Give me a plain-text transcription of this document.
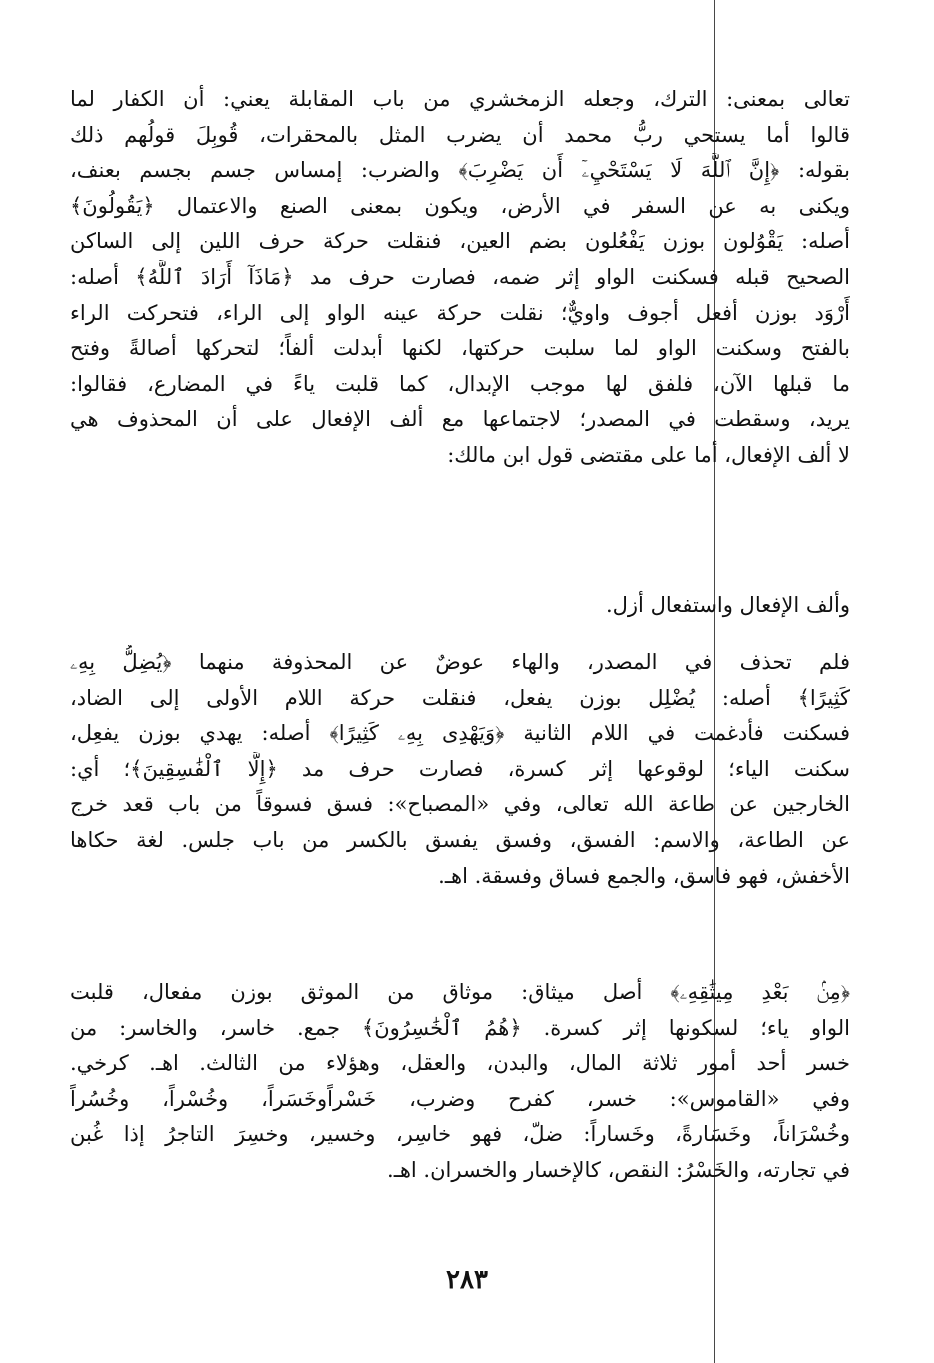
تعالى بمعنى: الترك، وجعله الزمخشري من باب المقابلة يعني: أن الكفار لما
قالوا أما يستحي ربُّ محمد أن يضرب المثل بالمحقرات، قُوبِلَ قولُهم ذلك
بقوله: ﴿إِنَّ ٱللَّهَ لَا يَسْتَحْيِۦٓ أَن يَضْرِبَ﴾ والضرب: إمساس جسم بجسم بعنف،
ويكنى به عن السفر في الأرض، ويكون بمعنى الصنع والاعتمال ﴿يَقُولُونَ﴾
أصله: يَقْوُلون بوزن يَفْعُلون بضم العين، فنقلت حركة حرف اللين إلى الساكن
الصحيح قبله فسكنت الواو إثر ضمه، فصارت حرف مد ﴿مَاذَآ أَرَادَ ٱللَّهُ﴾ أصله:
أَرْوَد بوزن أفعل أجوف واويٌّ؛ نقلت حركة عينه الواو إلى الراء، فتحركت الراء
بالفتح وسكنت الواو لما سلبت حركتها، لكنها أبدلت ألفاً؛ لتحركها أصالةً وفتح
ما قبلها الآن، فلفق لها موجب الإبدال، كما قلبت ياءً في المضارع، فقالوا:
يريد، وسقطت في المصدر؛ لاجتماعها مع ألف الإفعال على أن المحذوف هي
لا ألف الإفعال، أما على مقتضى قول ابن مالك:
وألف الإفعال واستفعال أزل.
فلم تحذف في المصدر، والهاء عوضٌ عن المحذوفة منهما ﴿يُضِلُّ بِهِۦ
كَثِيرًا﴾ أصله: يُضْلِل بوزن يفعل، فنقلت حركة اللام الأولى إلى الضاد،
فسكنت فأدغمت في اللام الثانية ﴿وَيَهْدِى بِهِۦ كَثِيرًا﴾ أصله: يهدي بوزن يفعِل،
سكنت الياء؛ لوقوعها إثر كسرة، فصارت حرف مد ﴿إِلَّا ٱلْفَٰسِقِينَ﴾؛ أي:
الخارجين عن طاعة الله تعالى، وفي «المصباح»: فسق فسوقاً من باب قعد خرج
عن الطاعة، والاسم: الفسق، وفسق يفسق بالكسر من باب جلس. لغة حكاها
الأخفش، فهو فاسق، والجمع فساق وفسقة. اهـ.
﴿مِنۢ بَعْدِ مِيثَٰقِهِۦ﴾ أصل ميثاق: موثاق من الموثق بوزن مفعال، قلبت
الواو ياء؛ لسكونها إثر كسرة. ﴿هُمُ ٱلْخَٰسِرُونَ﴾ جمع. خاسر، والخاسر: من
خسر أحد أمور ثلاثة المال، والبدن، والعقل، وهؤلاء من الثالث. اهـ. كرخي.
وفي «القاموس»: خسر، كفرح وضرب، خَسْراًوخَسَراً، وخُسْراً، وخُسُراً
وخُسْرَاناً، وخَسَارةً، وخَساراً: ضلّ، فهو خاسِر، وخسير، وخسِرَ التاجرُ إذا غُبن
في تجارته، والخَسْرُ: النقص، كالإخسار والخسران. اهـ.
٢٨٣
